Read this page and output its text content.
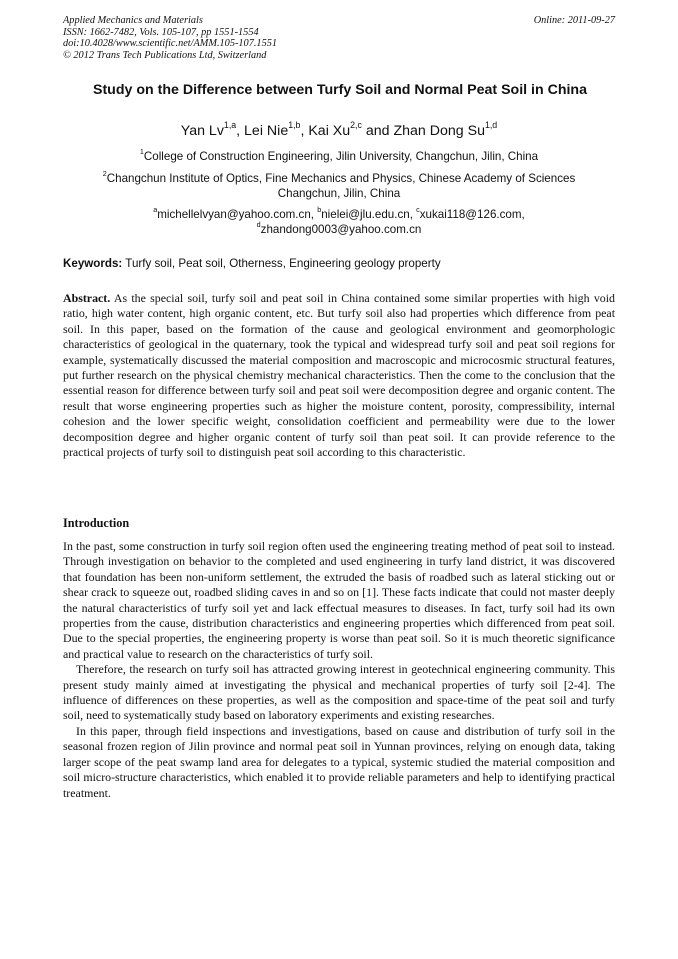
Applied Mechanics and Materials
ISSN: 1662-7482, Vols. 105-107, pp 1551-1554
doi:10.4028/www.scientific.net/AMM.105-107.1551
© 2012 Trans Tech Publications Ltd, Switzerland
Online: 2011-09-27
Study on the Difference between Turfy Soil and Normal Peat Soil in China
Yan Lv$^{1,a}$, Lei Nie$^{1,b}$, Kai Xu$^{2,c}$ and Zhan Dong Su$^{1,d}$
$^1$College of Construction Engineering, Jilin University, Changchun, Jilin, China
$^2$Changchun Institute of Optics, Fine Mechanics and Physics, Chinese Academy of Sciences
Changchun, Jilin, China
$^a$michellelvyan@yahoo.com.cn, $^b$nielei@jlu.edu.cn, $^c$xukai118@126.com,
$^d$zhandong0003@yahoo.com.cn
Keywords: Turfy soil, Peat soil, Otherness, Engineering geology property
Abstract. As the special soil, turfy soil and peat soil in China contained some similar properties with high void ratio, high water content, high organic content, etc. But turfy soil also had properties which difference from peat soil. In this paper, based on the formation of the cause and geological environment and geomorphologic characteristics of geological in the quaternary, took the typical and widespread turfy soil and peat soil regions for example, systematically discussed the material composition and macroscopic and microcosmic structural features, put further research on the physical chemistry mechanical characteristics. Then the come to the conclusion that the essential reason for difference between turfy soil and peat soil were decomposition degree and organic content. The result that worse engineering properties such as higher the moisture content, porosity, compressibility, internal cohesion and the lower specific weight, consolidation coefficient and permeability were due to the lower decomposition degree and higher organic content of turfy soil than peat soil. It can provide reference to the practical projects of turfy soil to distinguish peat soil according to this characteristic.
Introduction

In the past, some construction in turfy soil region often used the engineering treating method of peat soil to instead. Through investigation on behavior to the completed and used engineering in turfy land district, it was discovered that foundation has been non-uniform settlement, the extruded the basis of roadbed such as lateral sticking out or shear crack to squeeze out, roadbed sliding caves in and so on [1]. These facts indicate that could not master deeply the natural characteristics of turfy soil yet and lack effectual measures to diseases. In fact, turfy soil had its own properties from the cause, distribution characteristics and engineering properties which differenced from peat soil. Due to the special properties, the engineering property is worse than peat soil. So it is much theoretic significance and practical value to research on the characteristics of turfy soil.

Therefore, the research on turfy soil has attracted growing interest in geotechnical engineering community. This present study mainly aimed at investigating the physical and mechanical properties of turfy soil [2-4]. The influence of differences on these properties, as well as the composition and space-time of the peat soil and turfy soil, need to systematically study based on laboratory experiments and existing researches.

In this paper, through field inspections and investigations, based on cause and distribution of turfy soil in the seasonal frozen region of Jilin province and normal peat soil in Yunnan provinces, relying on enough data, taking larger scope of the peat swamp land area for delegates to a typical, systemic studied the material composition and soil micro-structure characteristics, which enabled it to provide reliable parameters and help to identifying practical treatment.
